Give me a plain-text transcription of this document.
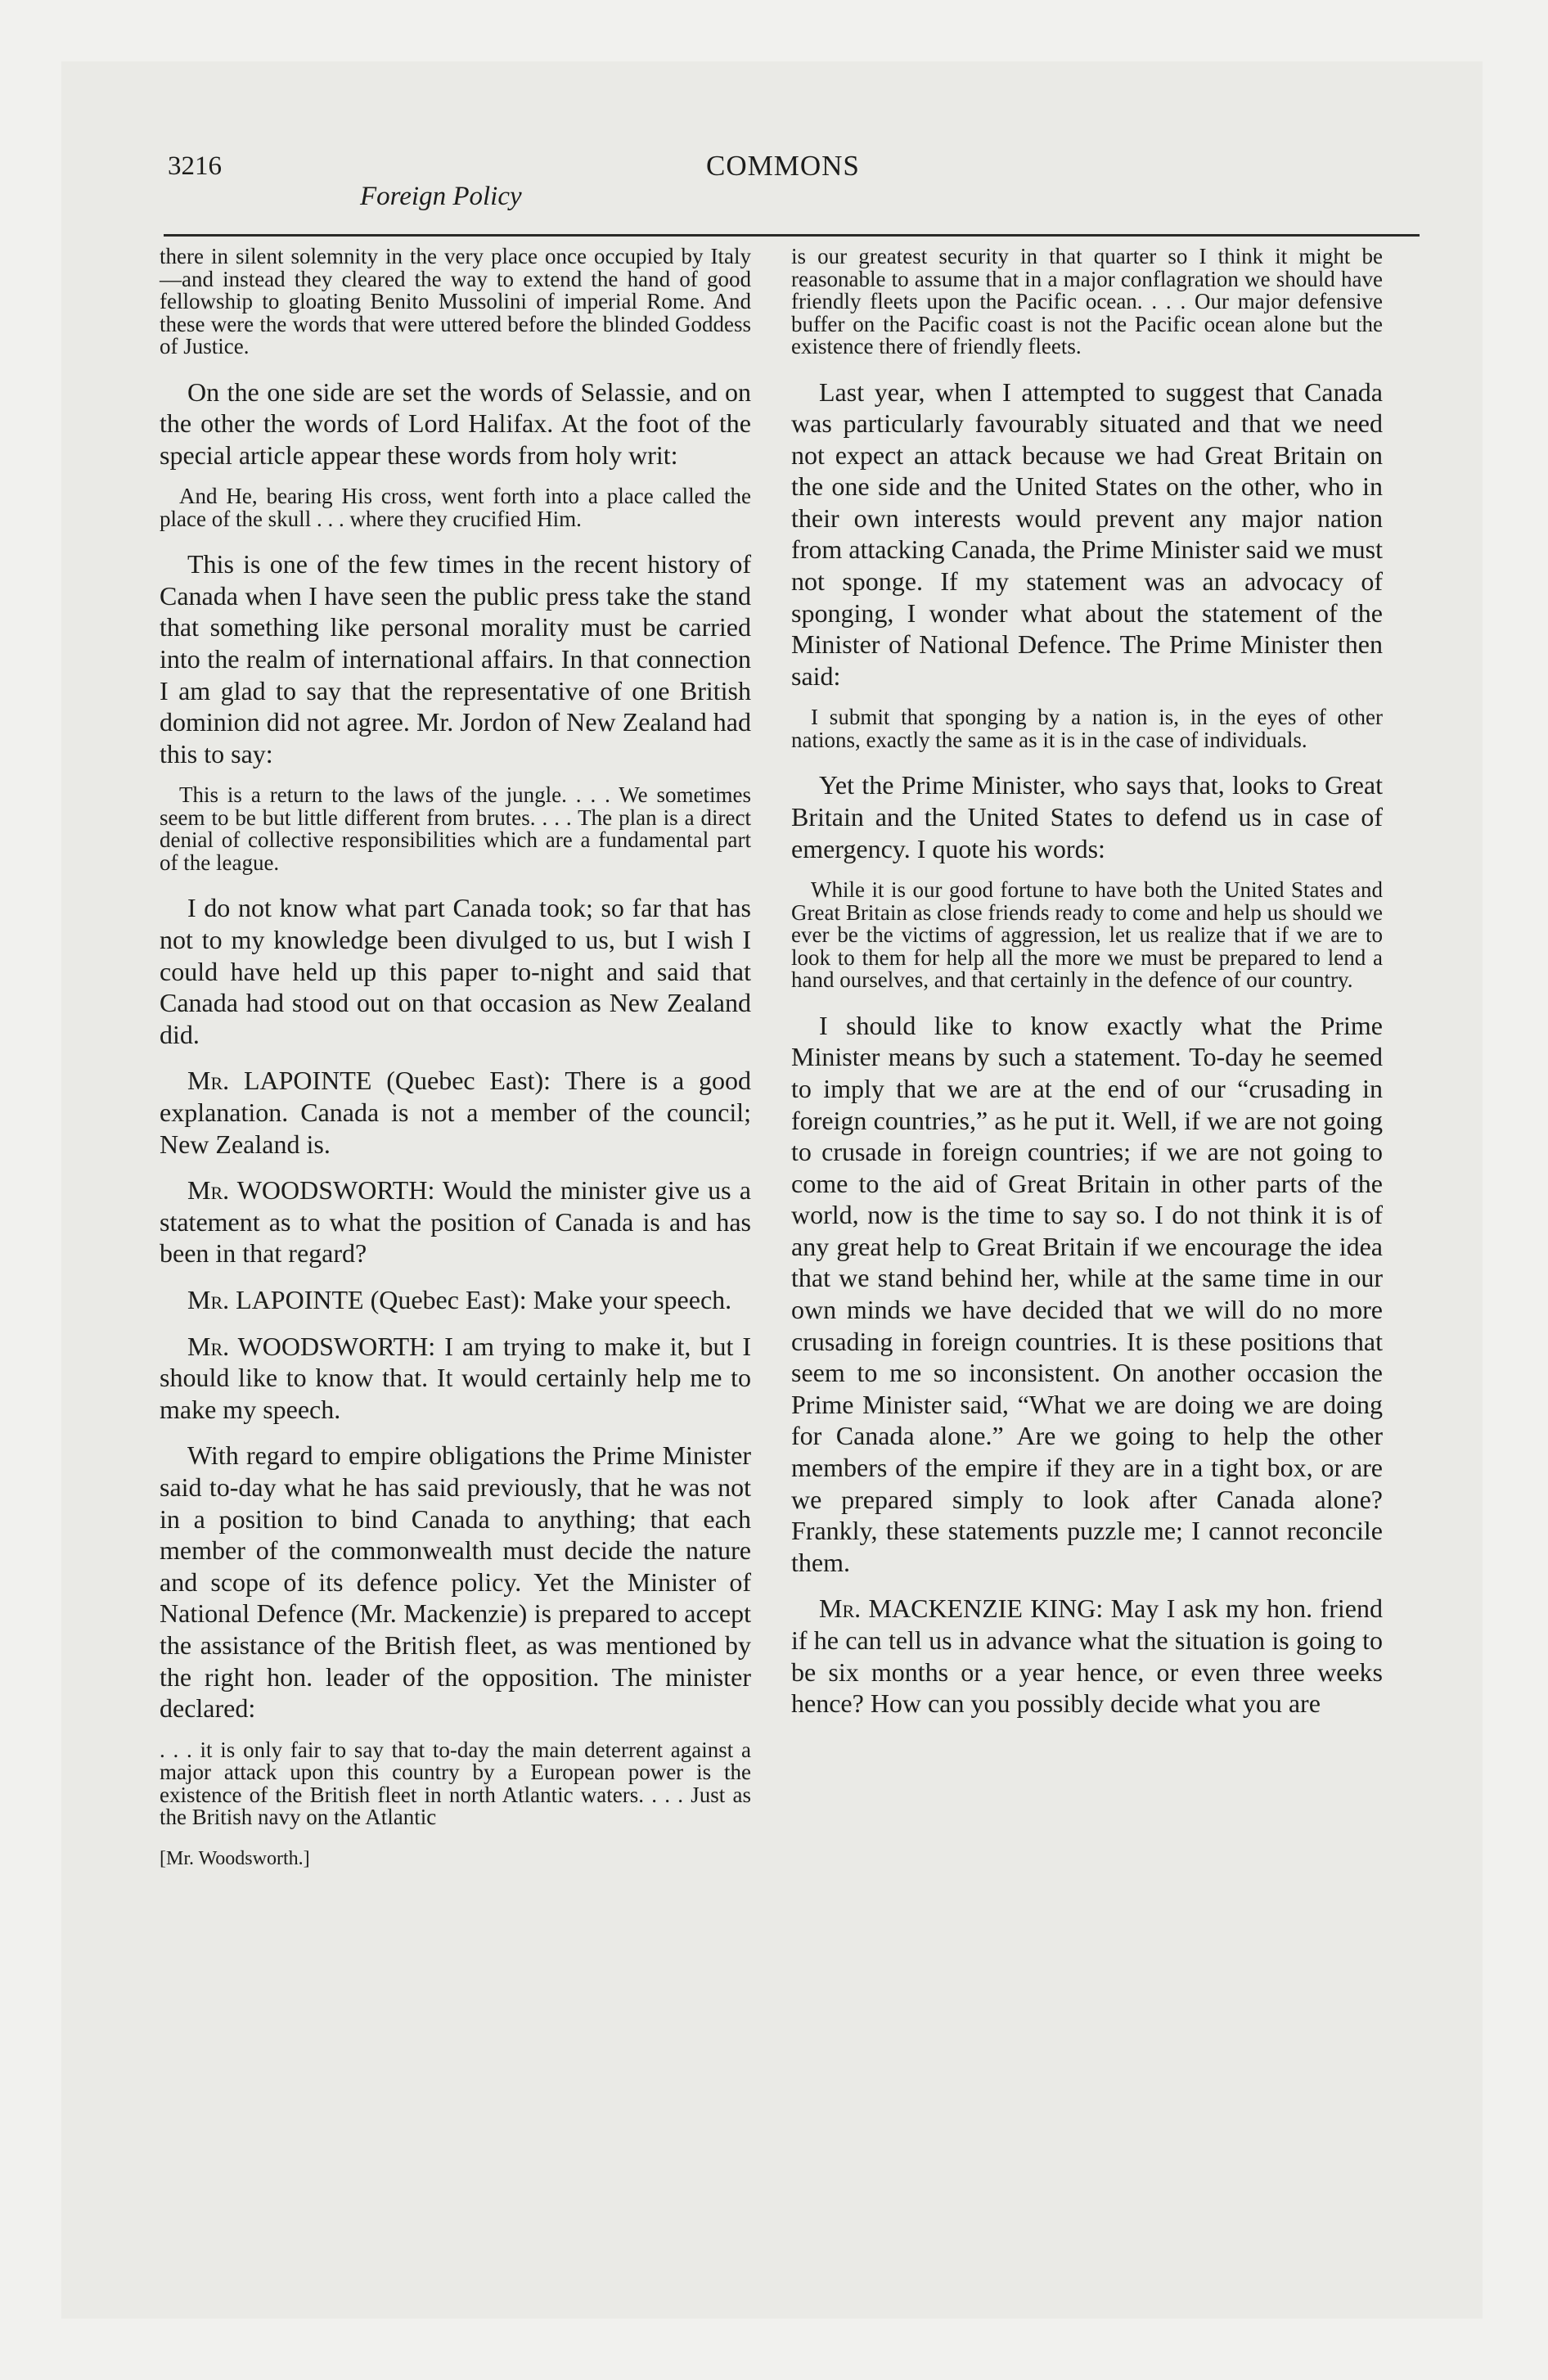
3216	COMMONS
Foreign Policy

there in silent solemnity in the very place once occupied by Italy—and instead they cleared the way to extend the hand of good fellowship to gloating Benito Mussolini of imperial Rome. And these were the words that were uttered before the blinded Goddess of Justice.

On the one side are set the words of Selassie, and on the other the words of Lord Halifax. At the foot of the special article appear these words from holy writ:

And He, bearing His cross, went forth into a place called the place of the skull . . . where they crucified Him.

This is one of the few times in the recent history of Canada when I have seen the public press take the stand that something like personal morality must be carried into the realm of international affairs. In that connection I am glad to say that the representative of one British dominion did not agree. Mr. Jordon of New Zealand had this to say:

This is a return to the laws of the jungle. . . . We sometimes seem to be but little different from brutes. . . . The plan is a direct denial of collective responsibilities which are a fundamental part of the league.

I do not know what part Canada took; so far that has not to my knowledge been divulged to us, but I wish I could have held up this paper to-night and said that Canada had stood out on that occasion as New Zealand did.

Mr. LAPOINTE (Quebec East): There is a good explanation. Canada is not a member of the council; New Zealand is.

Mr. WOODSWORTH: Would the minister give us a statement as to what the position of Canada is and has been in that regard?

Mr. LAPOINTE (Quebec East): Make your speech.

Mr. WOODSWORTH: I am trying to make it, but I should like to know that. It would certainly help me to make my speech.

With regard to empire obligations the Prime Minister said to-day what he has said previously, that he was not in a position to bind Canada to anything; that each member of the commonwealth must decide the nature and scope of its defence policy. Yet the Minister of National Defence (Mr. Mackenzie) is prepared to accept the assistance of the British fleet, as was mentioned by the right hon. leader of the opposition. The minister declared:

. . . it is only fair to say that to-day the main deterrent against a major attack upon this country by a European power is the existence of the British fleet in north Atlantic waters. . . . Just as the British navy on the Atlantic

[Mr. Woodsworth.]

is our greatest security in that quarter so I think it might be reasonable to assume that in a major conflagration we should have friendly fleets upon the Pacific ocean. . . . Our major defensive buffer on the Pacific coast is not the Pacific ocean alone but the existence there of friendly fleets.

Last year, when I attempted to suggest that Canada was particularly favourably situated and that we need not expect an attack because we had Great Britain on the one side and the United States on the other, who in their own interests would prevent any major nation from attacking Canada, the Prime Minister said we must not sponge. If my statement was an advocacy of sponging, I wonder what about the statement of the Minister of National Defence. The Prime Minister then said:

I submit that sponging by a nation is, in the eyes of other nations, exactly the same as it is in the case of individuals.

Yet the Prime Minister, who says that, looks to Great Britain and the United States to defend us in case of emergency. I quote his words:

While it is our good fortune to have both the United States and Great Britain as close friends ready to come and help us should we ever be the victims of aggression, let us realize that if we are to look to them for help all the more we must be prepared to lend a hand ourselves, and that certainly in the defence of our country.

I should like to know exactly what the Prime Minister means by such a statement. To-day he seemed to imply that we are at the end of our “crusading in foreign countries,” as he put it. Well, if we are not going to crusade in foreign countries; if we are not going to come to the aid of Great Britain in other parts of the world, now is the time to say so. I do not think it is of any great help to Great Britain if we encourage the idea that we stand behind her, while at the same time in our own minds we have decided that we will do no more crusading in foreign countries. It is these positions that seem to me so inconsistent. On another occasion the Prime Minister said, “What we are doing we are doing for Canada alone.” Are we going to help the other members of the empire if they are in a tight box, or are we prepared simply to look after Canada alone? Frankly, these statements puzzle me; I cannot reconcile them.

Mr. MACKENZIE KING: May I ask my hon. friend if he can tell us in advance what the situation is going to be six months or a year hence, or even three weeks hence? How can you possibly decide what you are
